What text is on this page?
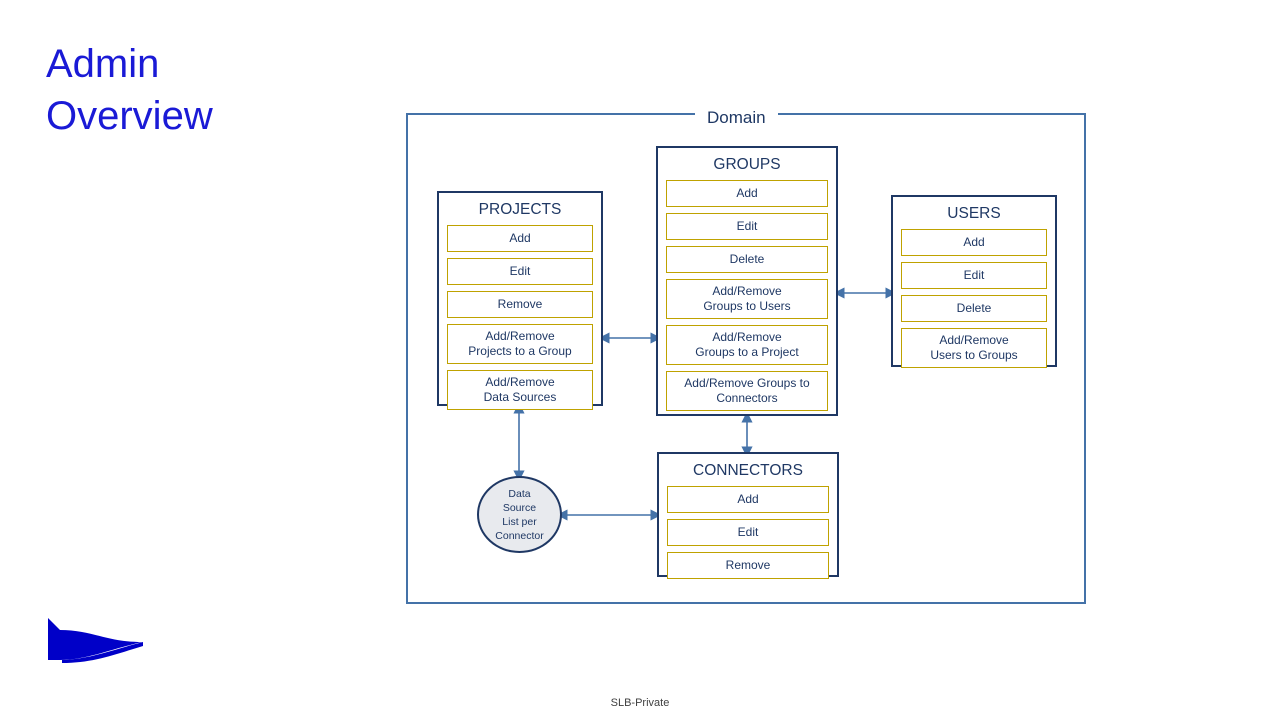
Admin
Overview
SLB-Private
Domain
PROJECTS
Add
Edit
Remove
Add/Remove
Projects to a Group
Add/Remove
Data Sources
GROUPS
Add
Edit
Delete
Add/Remove
Groups to Users
Add/Remove
Groups to a Project
Add/Remove Groups to
Connectors
USERS
Add
Edit
Delete
Add/Remove
Users to Groups
CONNECTORS
Add
Edit
Remove
Data
Source
List per
Connector
